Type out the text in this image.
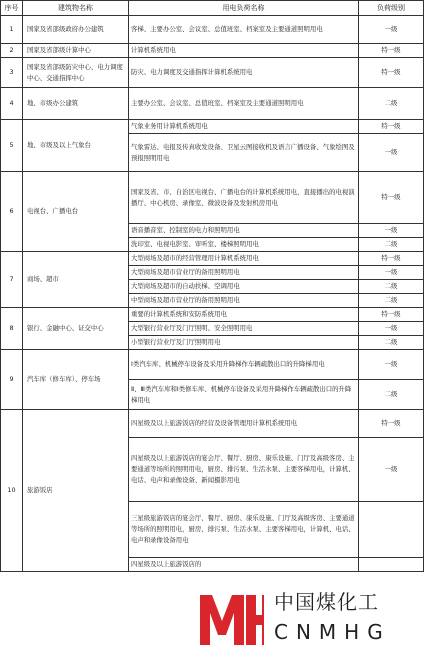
序号	建筑物名称	用电负荷名称	负荷级别
1	国家及省部级政府办公建筑	客梯、主要办公室、会议室、总值班室、档案室及主要通道照明用电	一级
2	国家及省部级计算中心	计算机系统用电	特一级
3	国家及省部级防灾中心、电力调度中心、交通指挥中心	防灾、电力调度及交通指挥计算机系统用电	特一级
4	地、市级办公建筑	主要办公室、会议室、总值班室、档案室及主要通道照明用电	二级
5	地、市级及以上气象台	气象业务用计算机系统用电	特一级
		气象雷达、电报及传真收发设备、卫星云图接收机及语言广播设备、气象绘图及预报照明用电	一级
6	电视台、广播电台	国家及省、市、自治区电视台、广播电台的计算机系统用电，直接播出的电视演播厅、中心机房、录像室、微波设备及发射机房用电	特一级
		语音播音室、控制室的电力和照明用电	一级
		洗印室、电视电影室、审听室、楼梯照明用电	二级
7	商场、超市	大型商场及超市的经营管理用计算机系统用电	特一级
		大型商场及超市营业厅的备用照明用电	一级
		大型商场及超市的自动扶梯、空调用电	二级
		中型商场及超市营业厅的备用照明用电	二级
8	银行、金融中心、证交中心	重要的计算机系统和安防系统用电	特一级
		大型银行营业厅及门厅照明、安全照明用电	一级
		小型银行营业厅及门厅照明用电	二级
9	汽车库（修车库）、停车场	Ⅰ类汽车库、机械停车设备及采用升降梯作车辆疏散出口的升降梯用电	一级
		Ⅱ、Ⅲ类汽车库和Ⅰ类修车库、机械停车设备及采用升降梯作车辆疏散出口的升降梯用电	二级
10	旅游饭店	四星级及以上旅游饭店的经营及设备管理用计算机系统用电	特一级
		四星级及以上旅游饭店的宴会厅、餐厅、厨房、康乐设施、门厅及高级客房、主要通道等场所的照明用电，厨房、排污泵、生活水泵、主要客梯用电，计算机、电话、电声和录像设备、新闻摄影用电	一级
		三星级旅游饭店的宴会厅、餐厅、厨房、康乐设施、门厅及高级客房、主要通道等场所的照明用电，厨房、排污泵、生活水泵、主要客梯用电，计算机、电话、电声和录像设备用电	
		四星级及以上旅游饭店的	
中国煤化工
CNMHG
